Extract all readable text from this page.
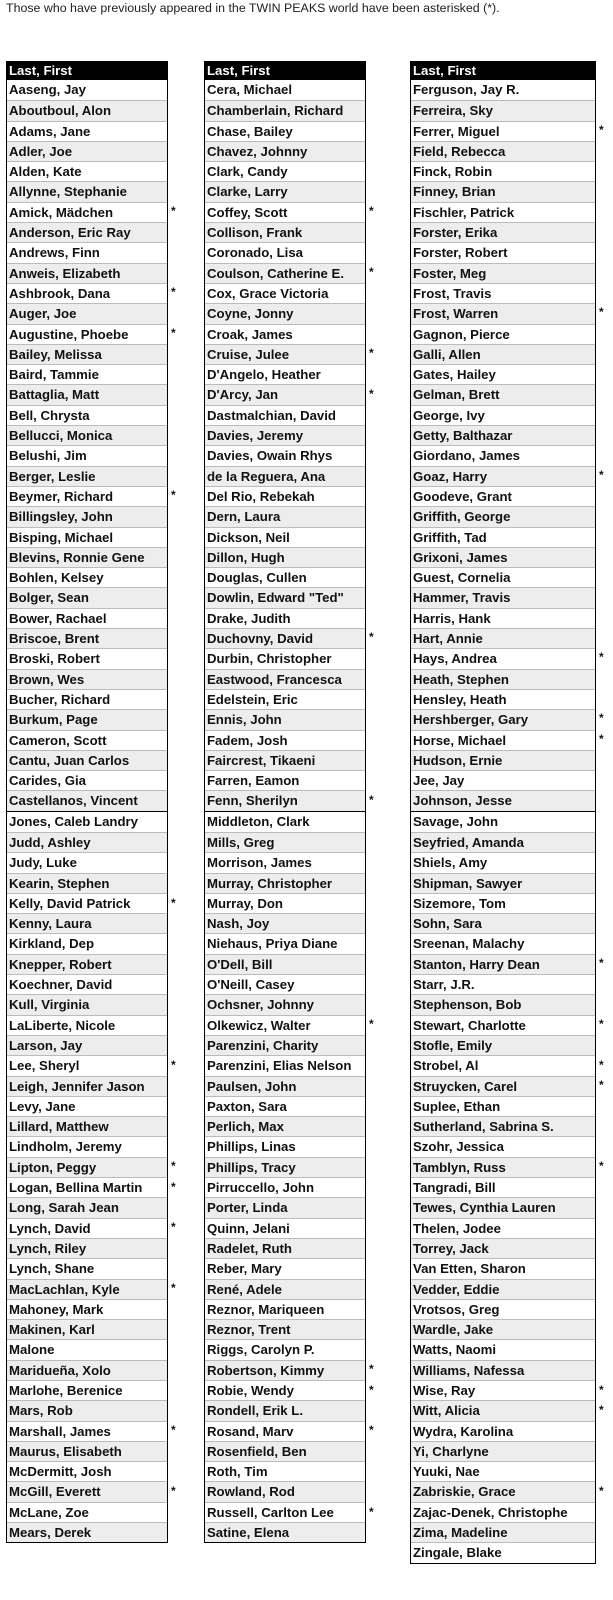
Those who have previously appeared in the TWIN PEAKS world have been asterisked (*).
Last, First
Aaseng, Jay
Aboutboul, Alon
Adams, Jane
Adler, Joe
Alden, Kate
Allynne, Stephanie
Amick, Mädchen
Anderson, Eric Ray
Andrews, Finn
Anweis, Elizabeth
Ashbrook, Dana
Auger, Joe
Augustine, Phoebe
Bailey, Melissa
Baird, Tammie
Battaglia, Matt
Bell, Chrysta
Bellucci, Monica
Belushi, Jim
Berger, Leslie
Beymer, Richard
Billingsley, John
Bisping, Michael
Blevins, Ronnie Gene
Bohlen, Kelsey
Bolger, Sean
Bower, Rachael
Briscoe, Brent
Broski, Robert
Brown, Wes
Bucher, Richard
Burkum, Page
Cameron, Scott
Cantu, Juan Carlos
Carides, Gia
Castellanos, Vincent
Jones, Caleb Landry
Judd, Ashley
Judy, Luke
Kearin, Stephen
Kelly, David Patrick
Kenny, Laura
Kirkland, Dep
Knepper, Robert
Koechner, David
Kull, Virginia
LaLiberte, Nicole
Larson, Jay
Lee, Sheryl
Leigh, Jennifer Jason
Levy, Jane
Lillard, Matthew
Lindholm, Jeremy
Lipton, Peggy
Logan, Bellina Martin
Long, Sarah Jean
Lynch, David
Lynch, Riley
Lynch, Shane
MacLachlan, Kyle
Mahoney, Mark
Makinen, Karl
Malone
Maridueña, Xolo
Marlohe, Berenice
Mars, Rob
Marshall, James
Maurus, Elisabeth
McDermitt, Josh
McGill, Everett
McLane, Zoe
Mears, Derek
*
*
*
*
*
*
*
*
*
*
*
*
Last, First
Cera, Michael
Chamberlain, Richard
Chase, Bailey
Chavez, Johnny
Clark, Candy
Clarke, Larry
Coffey, Scott
Collison, Frank
Coronado, Lisa
Coulson, Catherine E.
Cox, Grace Victoria
Coyne, Jonny
Croak, James
Cruise, Julee
D'Angelo, Heather
D'Arcy, Jan
Dastmalchian, David
Davies, Jeremy
Davies, Owain Rhys
de la Reguera, Ana
Del Rio, Rebekah
Dern, Laura
Dickson, Neil
Dillon, Hugh
Douglas, Cullen
Dowlin, Edward "Ted"
Drake, Judith
Duchovny, David
Durbin, Christopher
Eastwood, Francesca
Edelstein, Eric
Ennis, John
Fadem, Josh
Faircrest, Tikaeni
Farren, Eamon
Fenn, Sherilyn
Middleton, Clark
Mills, Greg
Morrison, James
Murray, Christopher
Murray, Don
Nash, Joy
Niehaus, Priya Diane
O'Dell, Bill
O'Neill, Casey
Ochsner, Johnny
Olkewicz, Walter
Parenzini, Charity
Parenzini, Elias Nelson
Paulsen, John
Paxton, Sara
Perlich, Max
Phillips, Linas
Phillips, Tracy
Pirruccello, John
Porter, Linda
Quinn, Jelani
Radelet, Ruth
Reber, Mary
René, Adele
Reznor, Mariqueen
Reznor, Trent
Riggs, Carolyn P.
Robertson, Kimmy
Robie, Wendy
Rondell, Erik L.
Rosand, Marv
Rosenfield, Ben
Roth, Tim
Rowland, Rod
Russell, Carlton Lee
Satine, Elena
*
*
*
*
*
*
*
*
*
*
*
Last, First
Ferguson, Jay R.
Ferreira, Sky
Ferrer, Miguel
Field, Rebecca
Finck, Robin
Finney, Brian
Fischler, Patrick
Forster, Erika
Forster, Robert
Foster, Meg
Frost, Travis
Frost, Warren
Gagnon, Pierce
Galli, Allen
Gates, Hailey
Gelman, Brett
George, Ivy
Getty, Balthazar
Giordano, James
Goaz, Harry
Goodeve, Grant
Griffith, George
Griffith, Tad
Grixoni, James
Guest, Cornelia
Hammer, Travis
Harris, Hank
Hart, Annie
Hays, Andrea
Heath, Stephen
Hensley, Heath
Hershberger, Gary
Horse, Michael
Hudson, Ernie
Jee, Jay
Johnson, Jesse
Savage, John
Seyfried, Amanda
Shiels, Amy
Shipman, Sawyer
Sizemore, Tom
Sohn, Sara
Sreenan, Malachy
Stanton, Harry Dean
Starr, J.R.
Stephenson, Bob
Stewart, Charlotte
Stofle, Emily
Strobel, Al
Struycken, Carel
Suplee, Ethan
Sutherland, Sabrina S.
Szohr, Jessica
Tamblyn, Russ
Tangradi, Bill
Tewes, Cynthia Lauren
Thelen, Jodee
Torrey, Jack
Van Etten, Sharon
Vedder, Eddie
Vrotsos, Greg
Wardle, Jake
Watts, Naomi
Williams, Nafessa
Wise, Ray
Witt, Alicia
Wydra, Karolina
Yi, Charlyne
Yuuki, Nae
Zabriskie, Grace
Zajac-Denek, Christophe
Zima, Madeline
Zingale, Blake
*
*
*
*
*
*
*
*
*
*
*
*
*
*
